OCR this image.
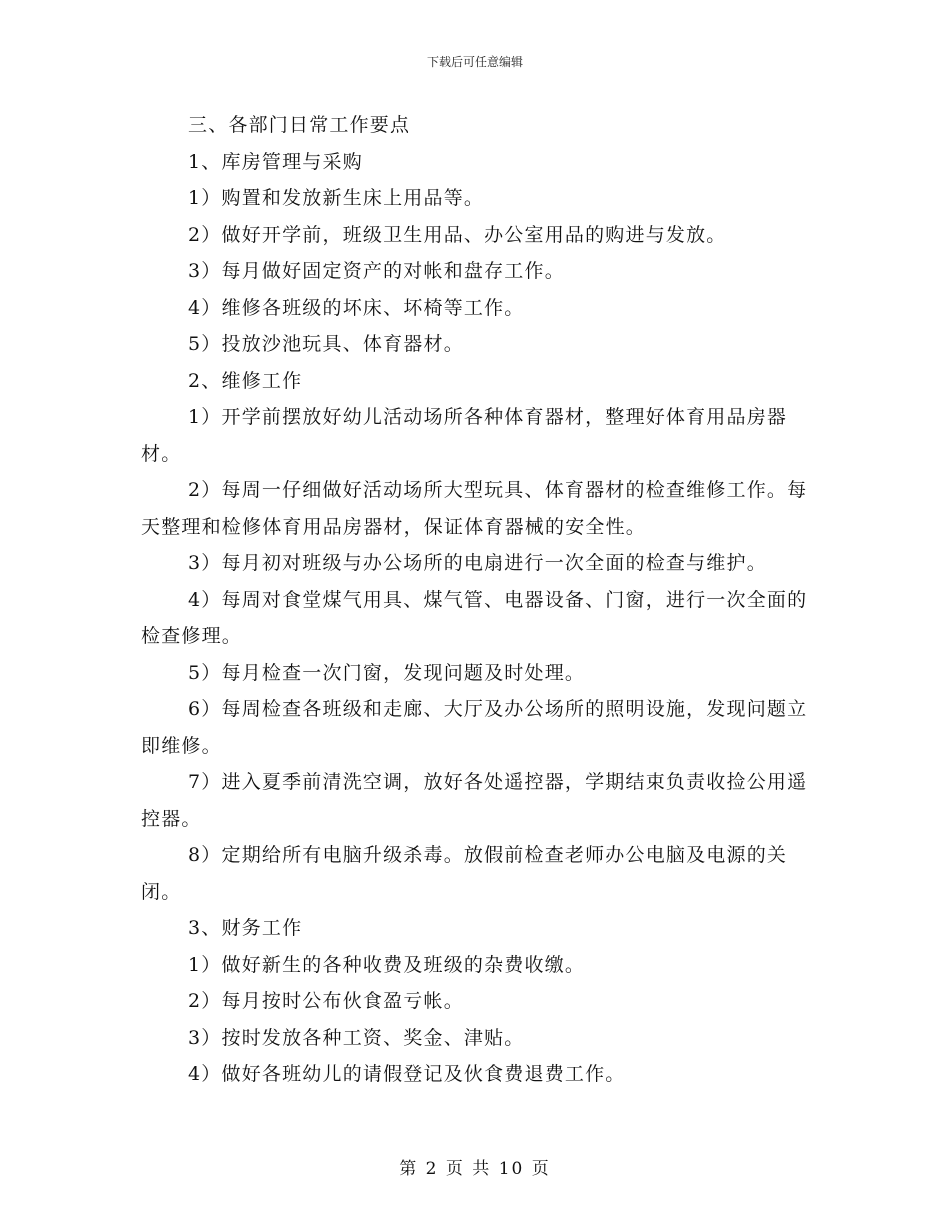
下载后可任意编辑

三、各部门日常工作要点

1、库房管理与采购

1）购置和发放新生床上用品等。

2）做好开学前，班级卫生用品、办公室用品的购进与发放。

3）每月做好固定资产的对帐和盘存工作。

4）维修各班级的坏床、坏椅等工作。

5）投放沙池玩具、体育器材。

2、维修工作

1）开学前摆放好幼儿活动场所各种体育器材，整理好体育用品房器材。

2）每周一仔细做好活动场所大型玩具、体育器材的检查维修工作。每天整理和检修体育用品房器材，保证体育器械的安全性。

3）每月初对班级与办公场所的电扇进行一次全面的检查与维护。

4）每周对食堂煤气用具、煤气管、电器设备、门窗，进行一次全面的检查修理。

5）每月检查一次门窗，发现问题及时处理。

6）每周检查各班级和走廊、大厅及办公场所的照明设施，发现问题立即维修。

7）进入夏季前清洗空调，放好各处遥控器，学期结束负责收捡公用遥控器。

8）定期给所有电脑升级杀毒。放假前检查老师办公电脑及电源的关闭。

3、财务工作

1）做好新生的各种收费及班级的杂费收缴。

2）每月按时公布伙食盈亏帐。

3）按时发放各种工资、奖金、津贴。

4）做好各班幼儿的请假登记及伙食费退费工作。

第 2 页 共 10 页
